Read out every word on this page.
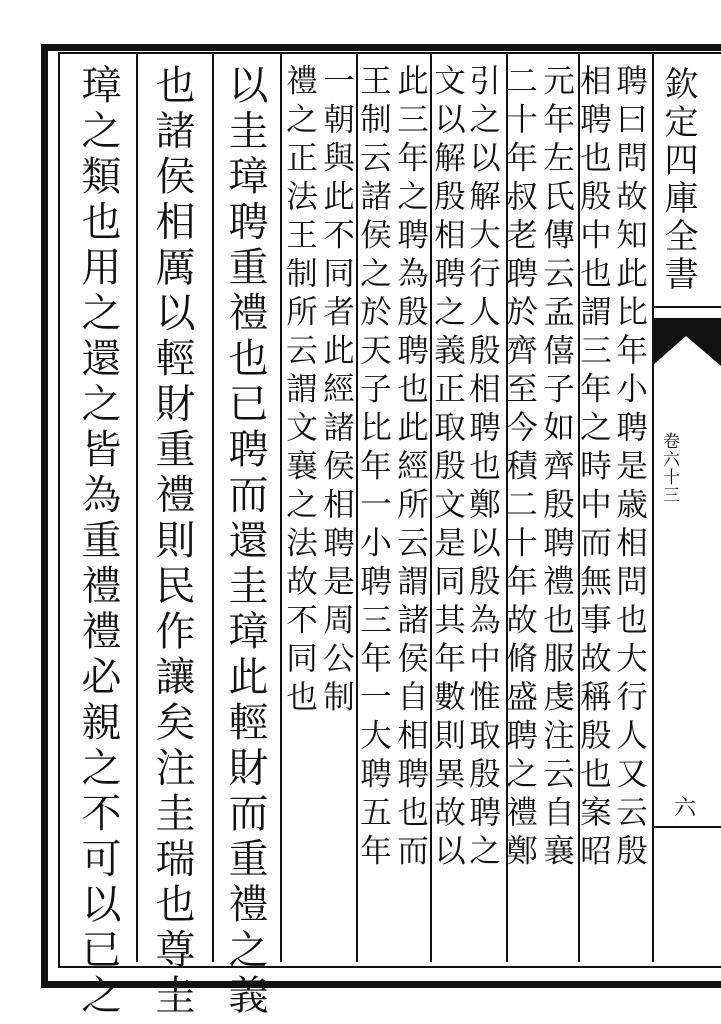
欽定四庫全書
卷六十三
六
聘曰問故知此比年小聘是歳相問也大行人又云殷
相聘也殷中也謂三年之時中而無事故稱殷也案昭
元年左氏傳云孟僖子如齊殷聘禮也服虔注云自襄
二十年叔老聘於齊至今積二十年故脩盛聘之禮鄭
引之以解大行人殷相聘也鄭以殷為中惟取殷聘之
文以解殷相聘之義正取殷文是同其年數則異故以
此三年之聘為殷聘也此經所云謂諸侯自相聘也而
王制云諸侯之於天子比年一小聘三年一大聘五年
一朝與此不同者此經諸侯相聘是周公制
禮之正法王制所云謂文襄之法故不同也
以圭璋聘重禮也已聘而還圭璋此輕財而重禮之義
也諸侯相厲以輕財重禮則民作讓矣注圭瑞也尊圭
璋之類也用之還之皆為重禮禮必親之不可以已之
